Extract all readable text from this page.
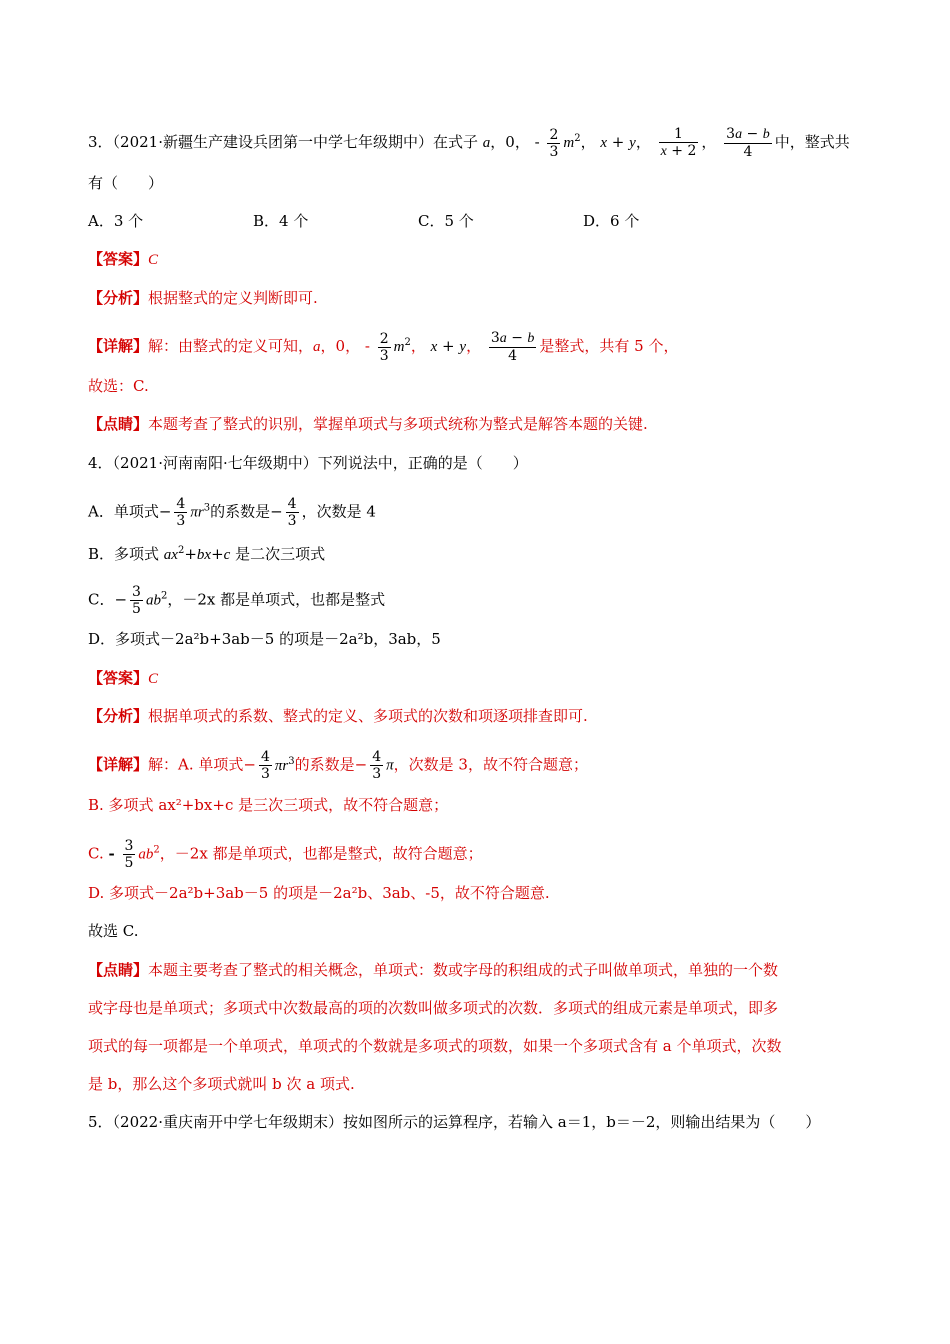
3．（2021·新疆生产建设兵团第一中学七年级期中）在式子 a，0， - $\frac{2}{3} m^2$， x + y， $\frac{1}{x + 2}$ ， $\frac{3a - b}{4}$ 中，整式共
有（　　）
A．3 个	B．4 个	C．5 个	D．6 个
【答案】C
【分析】根据整式的定义判断即可.
【详解】解：由整式的定义可知，a，0， - $\frac{2}{3} m^2$， x + y， $\frac{3a - b}{4}$ 是整式，共有 5 个，
故选：C.
【点睛】本题考查了整式的识别，掌握单项式与多项式统称为整式是解答本题的关键.
4．（2021·河南南阳·七年级期中）下列说法中，正确的是（　　）
A．单项式− $\frac{4}{3} \pi r^3$的系数是− $\frac{4}{3}$ ，次数是 4
B．多项式 $ax^2+bx+c$ 是二次三项式
C．− $\frac{3}{5} ab^2$，－2x 都是单项式，也都是整式
D．多项式－2a²b+3ab－5 的项是－2a²b，3ab，5
【答案】C
【分析】根据单项式的系数、整式的定义、多项式的次数和项逐项排查即可.
【详解】解：A. 单项式− $\frac{4}{3} \pi r^3$的系数是− $\frac{4}{3}$ π，次数是 3，故不符合题意；
B. 多项式 ax²+bx+c 是三次三项式，故不符合题意；
C. - $\frac{3}{5} ab^2$，－2x 都是单项式，也都是整式，故符合题意；
D. 多项式－2a²b+3ab－5 的项是－2a²b、3ab、-5，故不符合题意.
故选 C.
【点睛】本题主要考查了整式的相关概念，单项式：数或字母的积组成的式子叫做单项式，单独的一个数
或字母也是单项式；多项式中次数最高的项的次数叫做多项式的次数．多项式的组成元素是单项式，即多
项式的每一项都是一个单项式，单项式的个数就是多项式的项数，如果一个多项式含有 a 个单项式，次数
是 b，那么这个多项式就叫 b 次 a 项式.
5．（2022·重庆南开中学七年级期末）按如图所示的运算程序，若输入 a＝1，b＝－2，则输出结果为（　　）
